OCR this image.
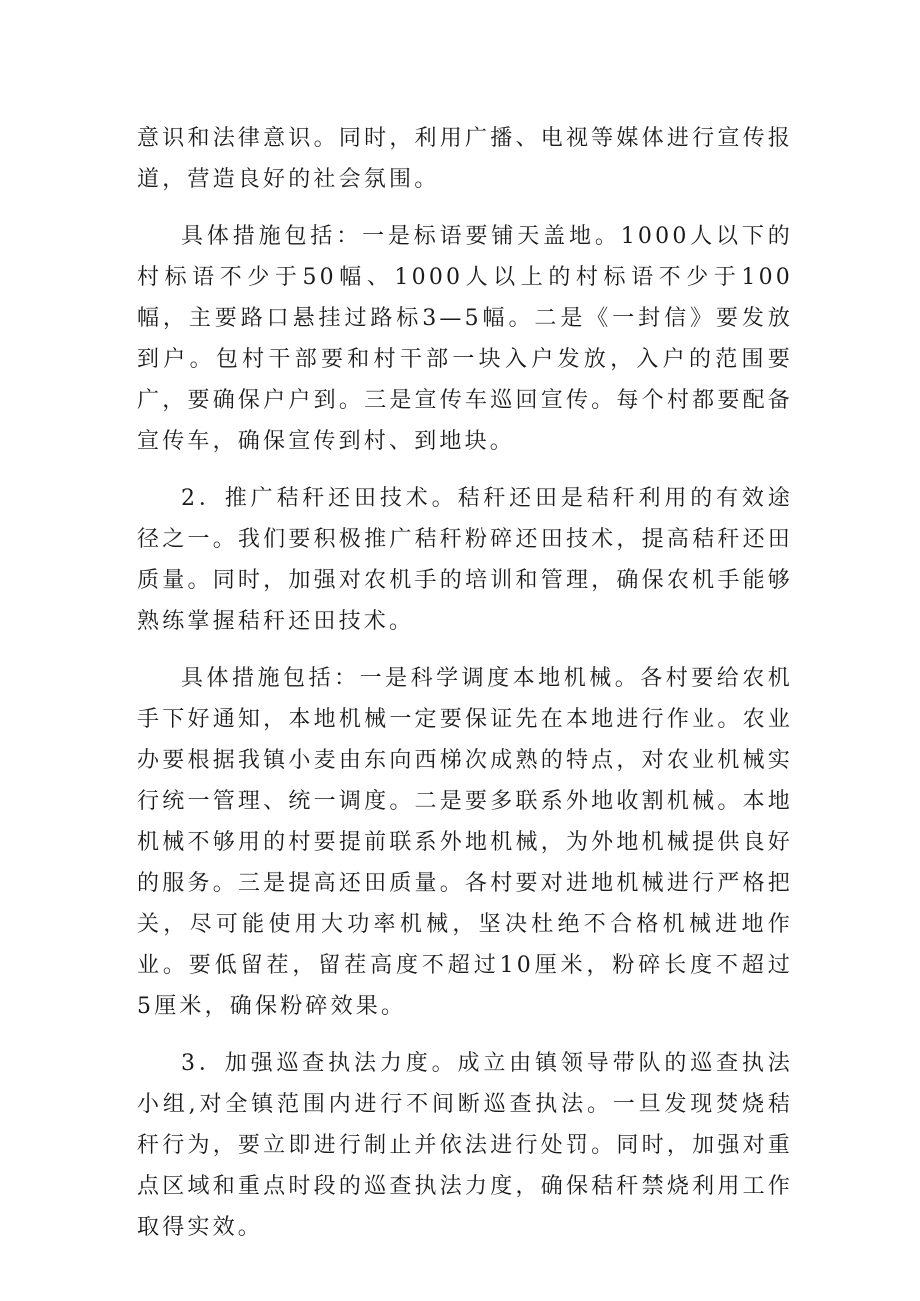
意识和法律意识。同时，利用广播、电视等媒体进行宣传报道，营造良好的社会氛围。

具体措施包括：一是标语要铺天盖地。1000人以下的村标语不少于50幅、1000人以上的村标语不少于100幅，主要路口悬挂过路标3—5幅。二是《一封信》要发放到户。包村干部要和村干部一块入户发放，入户的范围要广，要确保户户到。三是宣传车巡回宣传。每个村都要配备宣传车，确保宣传到村、到地块。

2．推广秸秆还田技术。秸秆还田是秸秆利用的有效途径之一。我们要积极推广秸秆粉碎还田技术，提高秸秆还田质量。同时，加强对农机手的培训和管理，确保农机手能够熟练掌握秸秆还田技术。

具体措施包括：一是科学调度本地机械。各村要给农机手下好通知，本地机械一定要保证先在本地进行作业。农业办要根据我镇小麦由东向西梯次成熟的特点，对农业机械实行统一管理、统一调度。二是要多联系外地收割机械。本地机械不够用的村要提前联系外地机械，为外地机械提供良好的服务。三是提高还田质量。各村要对进地机械进行严格把关，尽可能使用大功率机械，坚决杜绝不合格机械进地作业。要低留茬，留茬高度不超过10厘米，粉碎长度不超过5厘米，确保粉碎效果。

3．加强巡查执法力度。成立由镇领导带队的巡查执法小组,对全镇范围内进行不间断巡查执法。一旦发现焚烧秸秆行为，要立即进行制止并依法进行处罚。同时，加强对重点区域和重点时段的巡查执法力度，确保秸秆禁烧利用工作取得实效。
